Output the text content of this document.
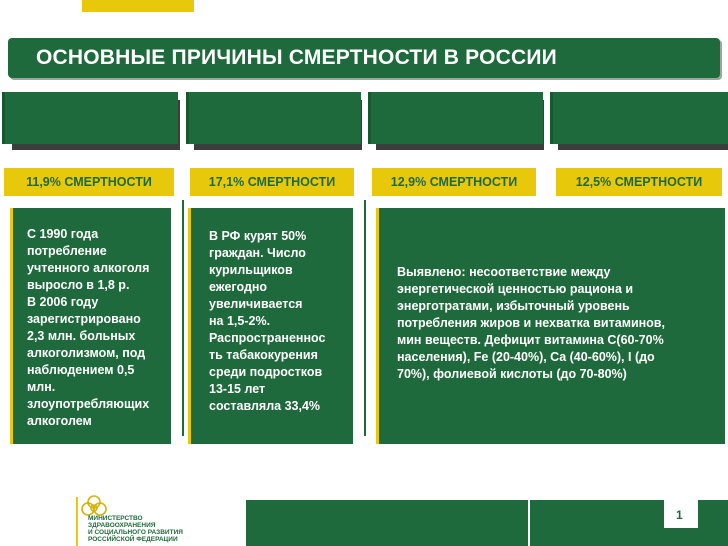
ОСНОВНЫЕ ПРИЧИНЫ СМЕРТНОСТИ В РОССИИ
11,9% СМЕРТНОСТИ	17,1% СМЕРТНОСТИ	12,9% СМЕРТНОСТИ	12,5% СМЕРТНОСТИ
С 1990 года
потребление
учтенного алкоголя
выросло в 1,8 р.
В 2006 году
зарегистрировано
2,3 млн. больных
алкоголизмом, под
наблюдением 0,5
млн.
злоупотребляющих
алкоголем
В РФ курят 50%
граждан. Число
курильщиков
ежегодно
увеличивается
на 1,5-2%.
Распространеннос
ть табакокурения
среди подростков
13-15 лет
составляла 33,4%
Выявлено: несоответствие между
энергетической ценностью рациона и
энерготратами, избыточный уровень
потребления жиров и нехватка витаминов,
мин веществ. Дефицит витамина С(60-70%
населения), Fe (20-40%), Ca (40-60%), I (до
70%), фолиевой кислоты (до 70-80%)
МИНИСТЕРСТВО
ЗДРАВООХРАНЕНИЯ
И СОЦИАЛЬНОГО РАЗВИТИЯ
РОССИЙСКОЙ ФЕДЕРАЦИИ
1
